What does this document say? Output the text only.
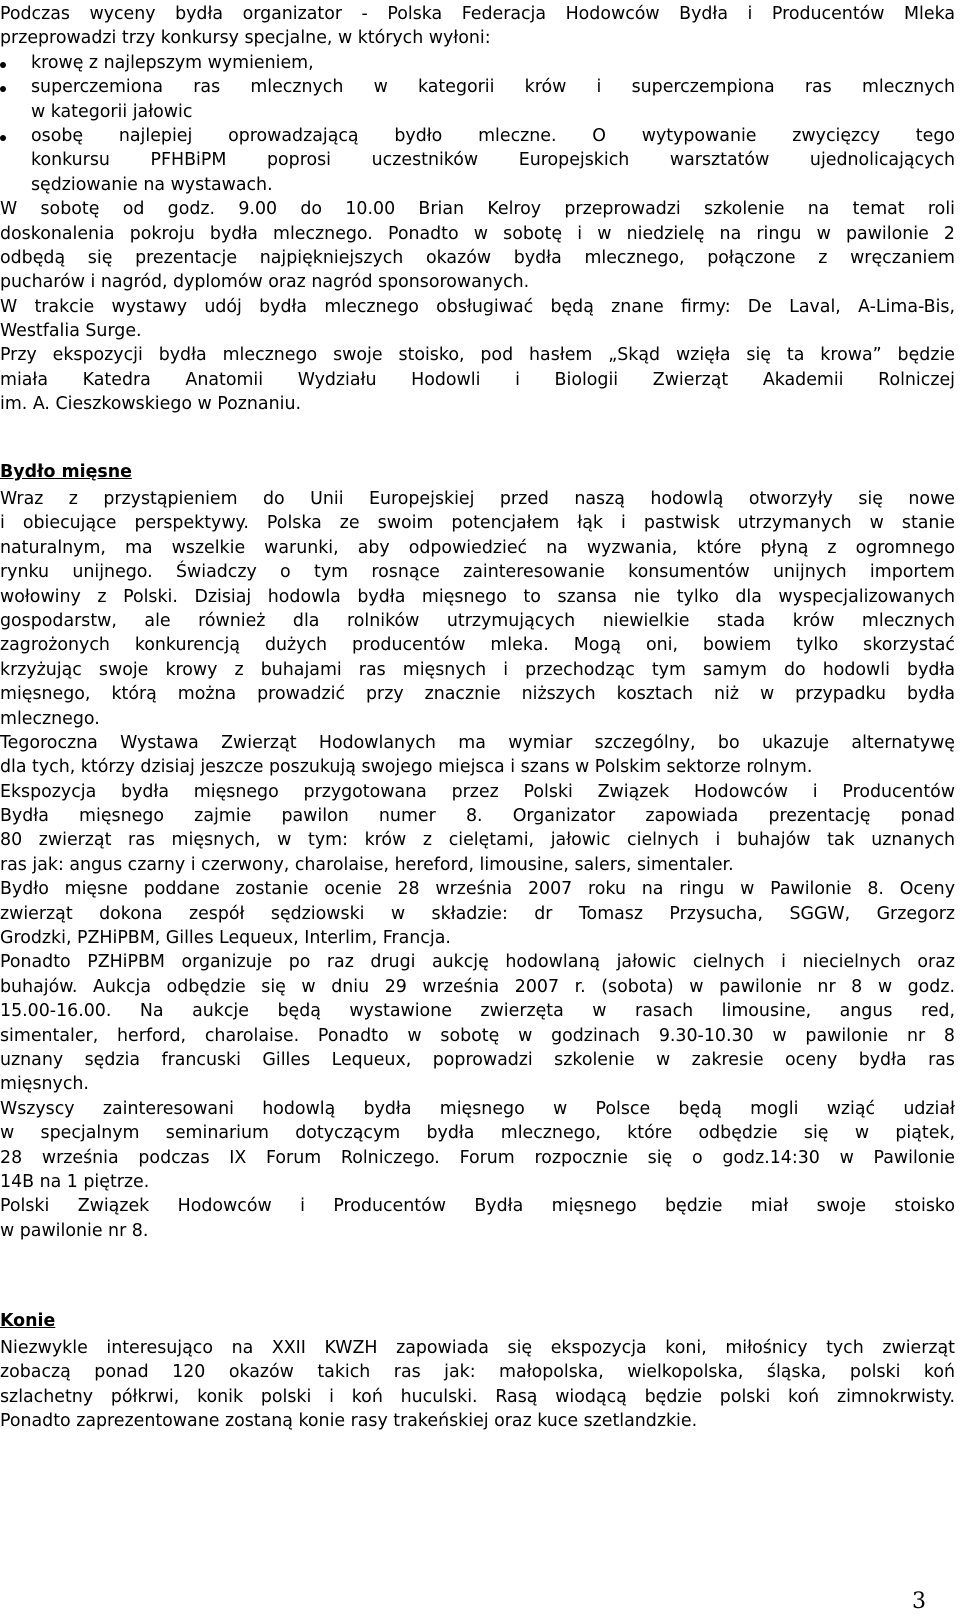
Podczas wyceny bydła organizator - Polska Federacja Hodowców Bydła i Producentów Mleka
przeprowadzi trzy konkursy specjalne, w których wyłoni:
krowę z najlepszym wymieniem,
superczemiona ras mlecznych w kategorii krów i superczempiona ras mlecznych
w kategorii jałowic
osobę najlepiej oprowadzającą bydło mleczne. O wytypowanie zwycięzcy tego
konkursu PFHBiPM poprosi uczestników Europejskich warsztatów ujednolicających
sędziowanie na wystawach.
W sobotę od godz. 9.00 do 10.00 Brian Kelroy przeprowadzi szkolenie na temat roli
doskonalenia pokroju bydła mlecznego. Ponadto w sobotę i w niedzielę na ringu w pawilonie 2
odbędą się prezentacje najpiękniejszych okazów bydła mlecznego, połączone z wręczaniem
pucharów i nagród, dyplomów oraz nagród sponsorowanych.
W trakcie wystawy udój bydła mlecznego obsługiwać będą znane firmy: De Laval, A-Lima-Bis,
Westfalia Surge.
Przy ekspozycji bydła mlecznego swoje stoisko, pod hasłem „Skąd wzięła się ta krowa” będzie
miała Katedra Anatomii Wydziału Hodowli i Biologii Zwierząt Akademii Rolniczej
im. A. Cieszkowskiego w Poznaniu.
Bydło mięsne
Wraz z przystąpieniem do Unii Europejskiej przed naszą hodowlą otworzyły się nowe
i obiecujące perspektywy. Polska ze swoim potencjałem łąk i pastwisk utrzymanych w stanie
naturalnym, ma wszelkie warunki, aby odpowiedzieć na wyzwania, które płyną z ogromnego
rynku unijnego. Świadczy o tym rosnące zainteresowanie konsumentów unijnych importem
wołowiny z Polski. Dzisiaj hodowla bydła mięsnego to szansa nie tylko dla wyspecjalizowanych
gospodarstw, ale również dla rolników utrzymujących niewielkie stada krów mlecznych
zagrożonych konkurencją dużych producentów mleka. Mogą oni, bowiem tylko skorzystać
krzyżując swoje krowy z buhajami ras mięsnych i przechodząc tym samym do hodowli bydła
mięsnego, którą można prowadzić przy znacznie niższych kosztach niż w przypadku bydła
mlecznego.
Tegoroczna Wystawa Zwierząt Hodowlanych ma wymiar szczególny, bo ukazuje alternatywę
dla tych, którzy dzisiaj jeszcze poszukują swojego miejsca i szans w Polskim sektorze rolnym.
Ekspozycja bydła mięsnego przygotowana przez Polski Związek Hodowców i Producentów
Bydła mięsnego zajmie pawilon numer 8. Organizator zapowiada prezentację ponad
80 zwierząt ras mięsnych, w tym: krów z cielętami, jałowic cielnych i buhajów tak uznanych
ras jak: angus czarny i czerwony, charolaise, hereford, limousine, salers, simentaler.
Bydło mięsne poddane zostanie ocenie 28 września 2007 roku na ringu w Pawilonie 8. Oceny
zwierząt dokona zespół sędziowski w składzie: dr Tomasz Przysucha, SGGW, Grzegorz
Grodzki, PZHiPBM, Gilles Lequeux, Interlim, Francja.
Ponadto PZHiPBM organizuje po raz drugi aukcję hodowlaną jałowic cielnych i niecielnych oraz
buhajów. Aukcja odbędzie się w dniu 29 września 2007 r. (sobota) w pawilonie nr 8 w godz.
15.00-16.00. Na aukcje będą wystawione zwierzęta w rasach limousine, angus red,
simentaler, herford, charolaise. Ponadto w sobotę w godzinach 9.30-10.30 w pawilonie nr 8
uznany sędzia francuski Gilles Lequeux, poprowadzi szkolenie w zakresie oceny bydła ras
mięsnych.
Wszyscy zainteresowani hodowlą bydła mięsnego w Polsce będą mogli wziąć udział
w specjalnym seminarium dotyczącym bydła mlecznego, które odbędzie się w piątek,
28 września podczas IX Forum Rolniczego. Forum rozpocznie się o godz.14:30 w Pawilonie
14B na 1 piętrze.
Polski Związek Hodowców i Producentów Bydła mięsnego będzie miał swoje stoisko
w pawilonie nr 8.
Konie
Niezwykle interesująco na XXII KWZH zapowiada się ekspozycja koni, miłośnicy tych zwierząt
zobaczą ponad 120 okazów takich ras jak: małopolska, wielkopolska, śląska, polski koń
szlachetny półkrwi, konik polski i koń huculski. Rasą wiodącą będzie polski koń zimnokrwisty.
Ponadto zaprezentowane zostaną konie rasy trakeńskiej oraz kuce szetlandzkie.
3
